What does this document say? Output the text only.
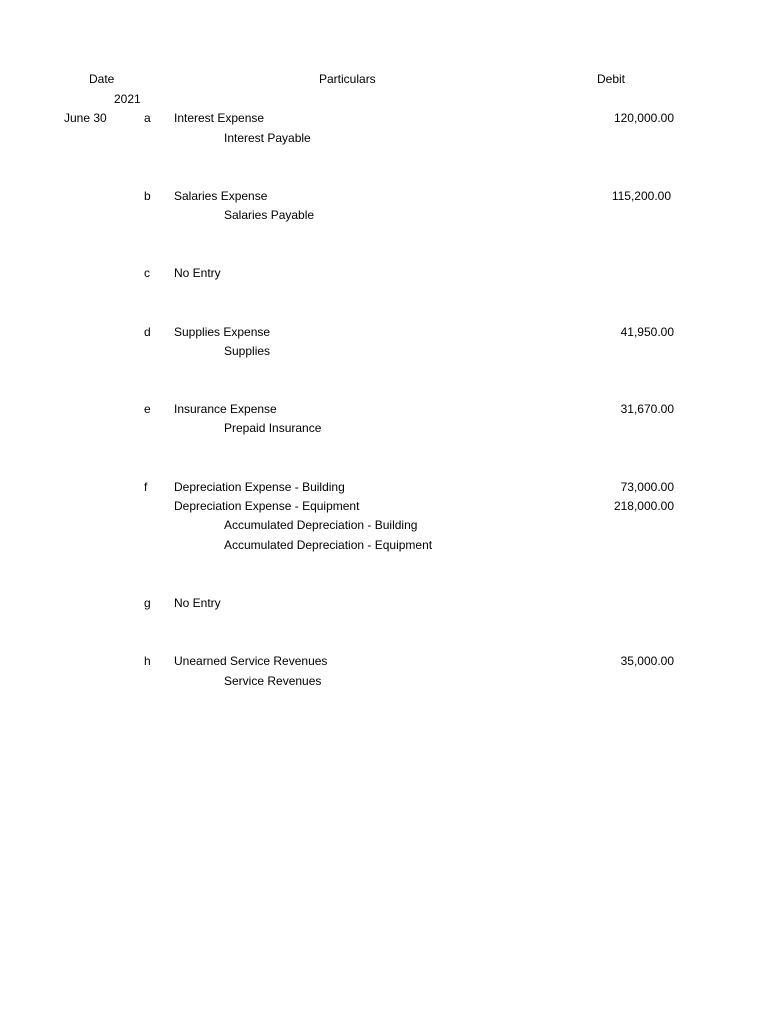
Date	Particulars	Debit
2021
June 30	a Interest Expense	120,000.00
Interest Payable
b Salaries Expense	115,200.00
Salaries Payable
c No Entry
d Supplies Expense	41,950.00
Supplies
e Insurance Expense	31,670.00
Prepaid Insurance
f Depreciation Expense - Building	73,000.00
Depreciation Expense - Equipment	218,000.00
Accumulated Depreciation - Building
Accumulated Depreciation - Equipment
g No Entry
h Unearned Service Revenues	35,000.00
Service Revenues
